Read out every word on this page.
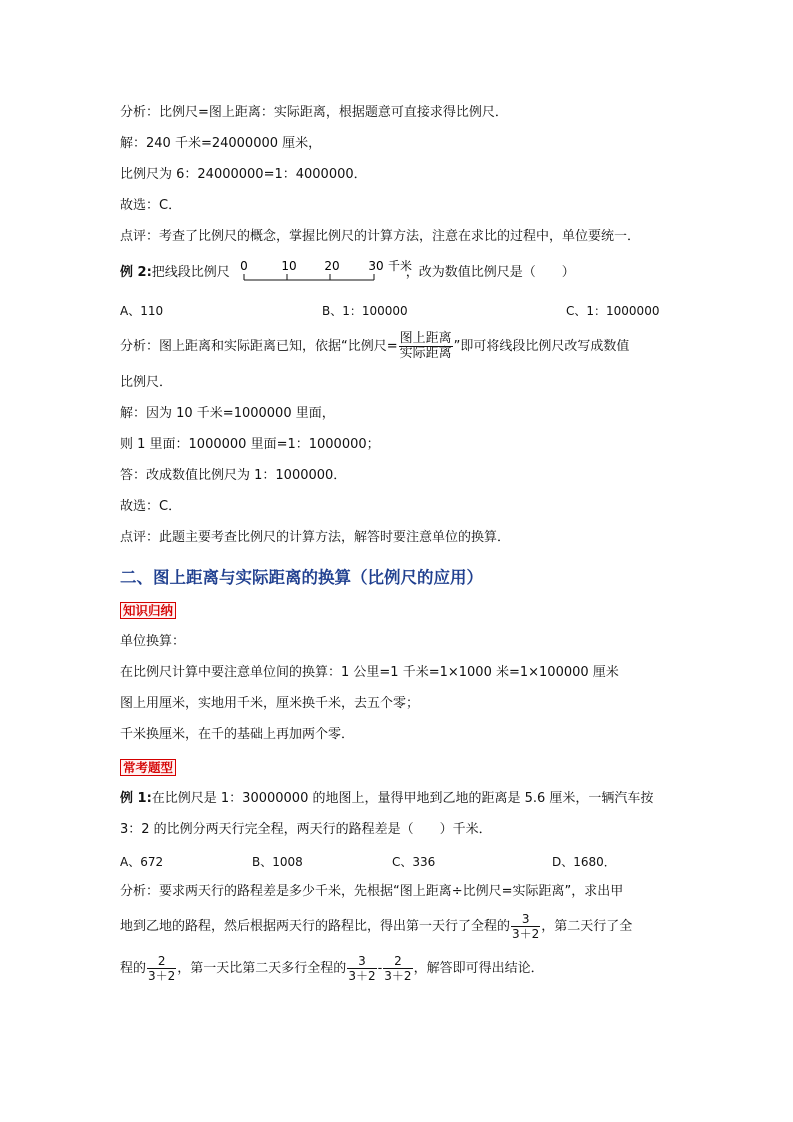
分析：比例尺=图上距离：实际距离，根据题意可直接求得比例尺．
解：240 千米=24000000 厘米，
比例尺为 6：24000000=1：4000000．
故选：C．
点评：考查了比例尺的概念，掌握比例尺的计算方法，注意在求比的过程中，单位要统一．
例 2:把线段比例尺	，改为数值比例尺是（　　）
0	10 20 30 千米
A、110	B、1：100000	C、1：1000000
分析：图上距离和实际距离已知，依据“比例尺= $\frac{\text{图上距离}}{\text{实际距离}}$ ”即可将线段比例尺改写成数值
比例尺．
解：因为 10 千米=1000000 里面，
则 1 里面：1000000 里面=1：1000000；
答：改成数值比例尺为 1：1000000．
故选：C．
点评：此题主要考查比例尺的计算方法，解答时要注意单位的换算．
二、图上距离与实际距离的换算（比例尺的应用）
知识归纳
单位换算：
在比例尺计算中要注意单位间的换算：1 公里=1 千米=1×1000 米=1×100000 厘米
图上用厘米，实地用千米，厘米换千米，去五个零；
千米换厘米，在千的基础上再加两个零．
常考题型
例 1:在比例尺是 1：30000000 的地图上，量得甲地到乙地的距离是 5.6 厘米，一辆汽车按
3：2 的比例分两天行完全程，两天行的路程差是（　　）千米．
A、672	B、1008	C、336	D、1680．
分析：要求两天行的路程差是多少千米，先根据“图上距离÷比例尺=实际距离”，求出甲
地到乙地的路程，然后根据两天行的路程比，得出第一天行了全程的 $\frac{3}{3+2}$ ，第二天行了全
程的 $\frac{2}{3+2}$ ，第一天比第二天多行全程的 $\frac{3}{3+2} - \frac{2}{3+2}$ ，解答即可得出结论．
